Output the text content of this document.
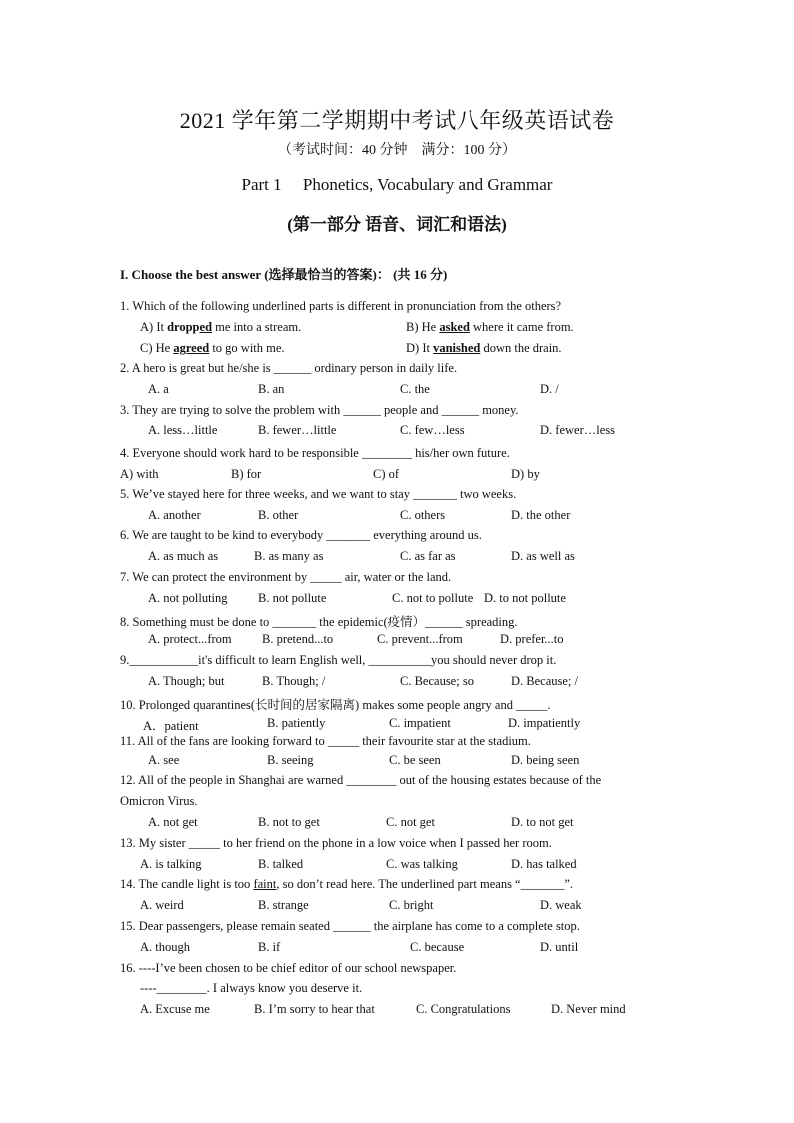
2021 学年第二学期期中考试八年级英语试卷
（考试时间：40 分钟　满分：100 分）
Part 1　 Phonetics, Vocabulary and Grammar
(第一部分 语音、词汇和语法)
I. Choose the best answer (选择最恰当的答案)： (共 16 分)
1. Which of the following underlined parts is different in pronunciation from the others?
A) It dropped me into a stream.	B) He asked where it came from.
C) He agreed to go with me.	D) It vanished down the drain.
2. A hero is great but he/she is ______ ordinary person in daily life.
A. a	B. an	C. the	D. /
3. They are trying to solve the problem with ______ people and ______ money.
A. less…little	B. fewer…little	C. few…less	D. fewer…less
4. Everyone should work hard to be responsible ________ his/her own future.
A) with	B) for	C) of	D) by
5. We’ve stayed here for three weeks, and we want to stay _______ two weeks.
A. another	B. other	C. others	D. the other
6. We are taught to be kind to everybody _______ everything around us.
A. as much as	B. as many as	C. as far as	D. as well as
7. We can protect the environment by _____ air, water or the land.
A. not polluting B. not pollute	C. not to pollute D. to not pollute
8. Something must be done to _______ the epidemic(疫情）______ spreading.
A. protect...from B. pretend...to	C. prevent...from	D. prefer...to
9.___________it's difficult to learn English well, __________you should never drop it.
A. Though; but	B. Though; /	C. Because; so	D. Because; /
10. Prolonged quarantines(长时间的居家隔离) makes some people angry and _____.
A．patient	B. patiently	C. impatient	D. impatiently
11. All of the fans are looking forward to _____ their favourite star at the stadium.
A. see	B. seeing	C. be seen	D. being seen
12. All of the people in Shanghai are warned ________ out of the housing estates because of the
Omicron Virus.
A. not get	B. not to get	C. not get	D. to not get
13. My sister _____ to her friend on the phone in a low voice when I passed her room.
A. is talking	B. talked	C. was talking	D. has talked
14. The candle light is too faint, so don’t read here. The underlined part means “_______”.
A. weird	B. strange	C. bright	D. weak
15. Dear passengers, please remain seated ______ the airplane has come to a complete stop.
A. though	B. if	C. because	D. until
16. ----I’ve been chosen to be chief editor of our school newspaper.
----________. I always know you deserve it.
A. Excuse me	B. I’m sorry to hear that	C. Congratulations	D. Never mind
